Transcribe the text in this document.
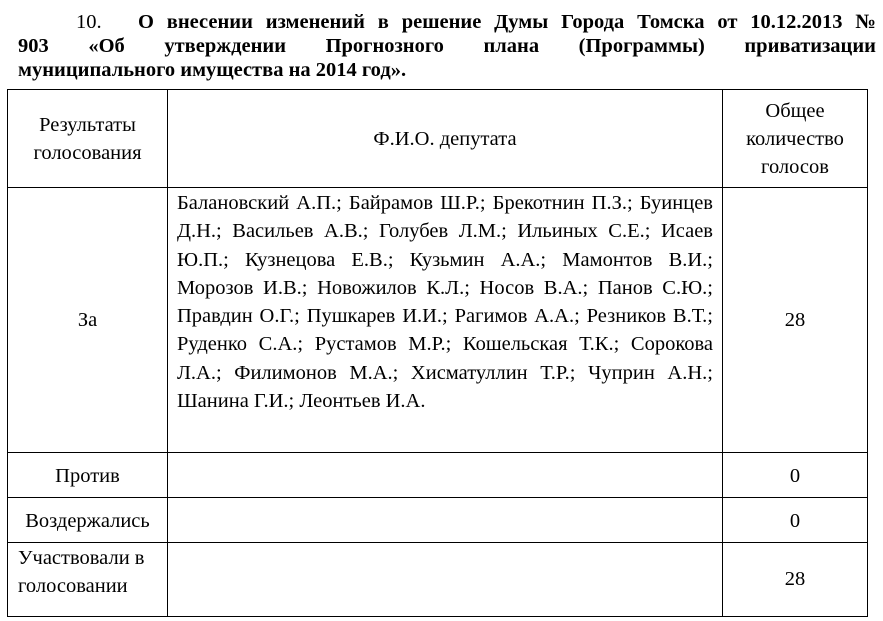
10. О внесении изменений в решение Думы Города Томска от 10.12.2013 №
903 «Об утверждении Прогнозного плана (Программы) приватизации
муниципального имущества на 2014 год».
Результаты голосования	Ф.И.О. депутата	Общее количество голосов
За	Балановский А.П.; Байрамов Ш.Р.; Брекотнин П.З.; Буинцев Д.Н.; Васильев А.В.; Голубев Л.М.; Ильиных С.Е.; Исаев Ю.П.; Кузнецова Е.В.; Кузьмин А.А.; Мамонтов В.И.; Морозов И.В.; Новожилов К.Л.; Носов В.А.; Панов С.Ю.; Правдин О.Г.; Пушкарев И.И.; Рагимов А.А.; Резников В.Т.; Руденко С.А.; Рустамов М.Р.; Кошельская Т.К.; Сорокова Л.А.; Филимонов М.А.; Хисматуллин Т.Р.; Чуприн А.Н.; Шанина Г.И.; Леонтьев И.А.	28
Против		0
Воздержались		0
Участвовали в голосовании		28
